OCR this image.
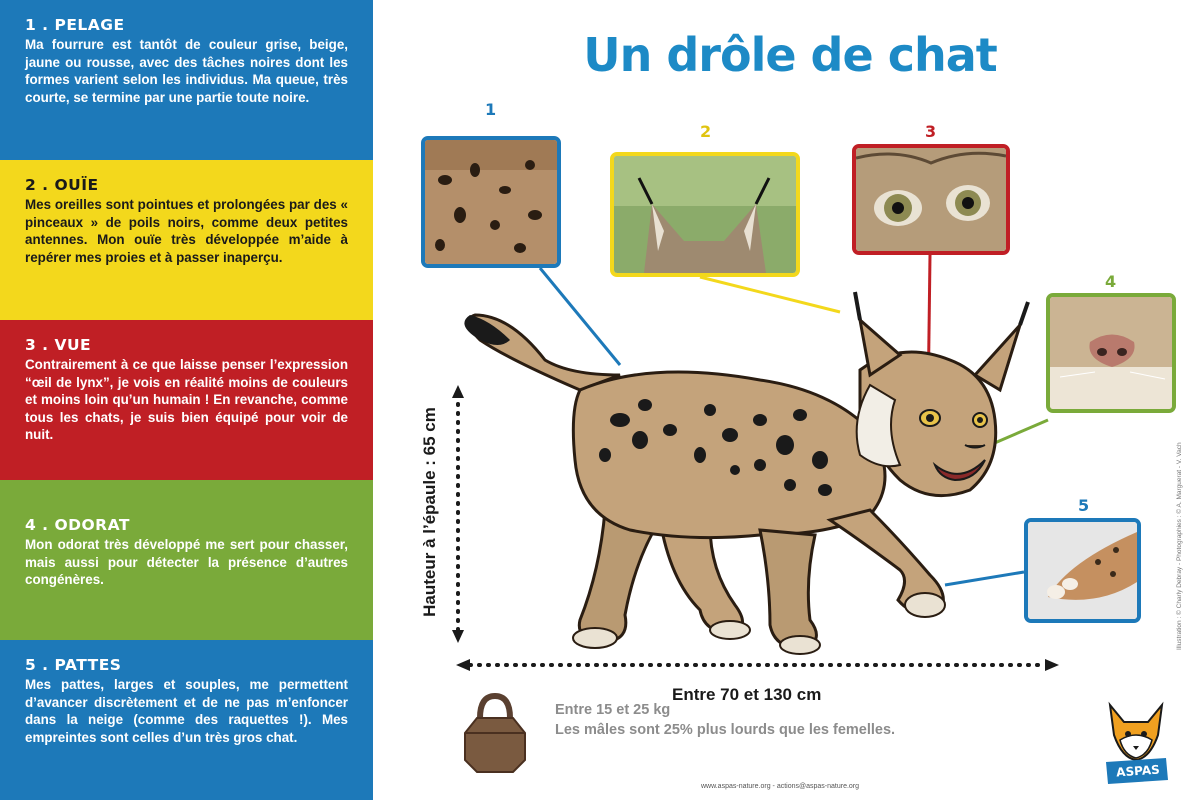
1 . PELAGE

Ma fourrure est tantôt de couleur grise, beige, jaune ou rousse, avec des tâches noires dont les formes varient selon les individus. Ma queue, très courte, se termine par une partie toute noire.

2 . OUÏE

Mes oreilles sont pointues et prolongées par des « pinceaux » de poils noirs, comme deux petites antennes. Mon ouïe très développée m’aide à repérer mes proies et à passer inaperçu.

3 . VUE

Contrairement à ce que laisse penser l’expression “œil de lynx”, je vois en réalité moins de couleurs et moins loin qu’un humain ! En revanche, comme tous les chats, je suis bien équipé pour voir de nuit.

4 . ODORAT

Mon odorat très développé me sert pour chasser, mais aussi pour détecter la présence d’autres congénères.

5 . PATTES

Mes pattes, larges et souples, me permettent d’avancer discrètement et de ne pas m’enfoncer dans la neige (comme des raquettes !). Mes empreintes sont celles d’un très gros chat.

Un drôle de chat
1
2	3
4
5
Hauteur à l’épaule : 65 cm
Entre 70 et 130 cm
Entre 15 et 25 kg
Les mâles sont 25% plus lourds que les femelles.
www.aspas-nature.org - actions@aspas-nature.org
Illustration : © Charly Debray - Photographies : © A. Marguerat - V. Vach
ASPAS
